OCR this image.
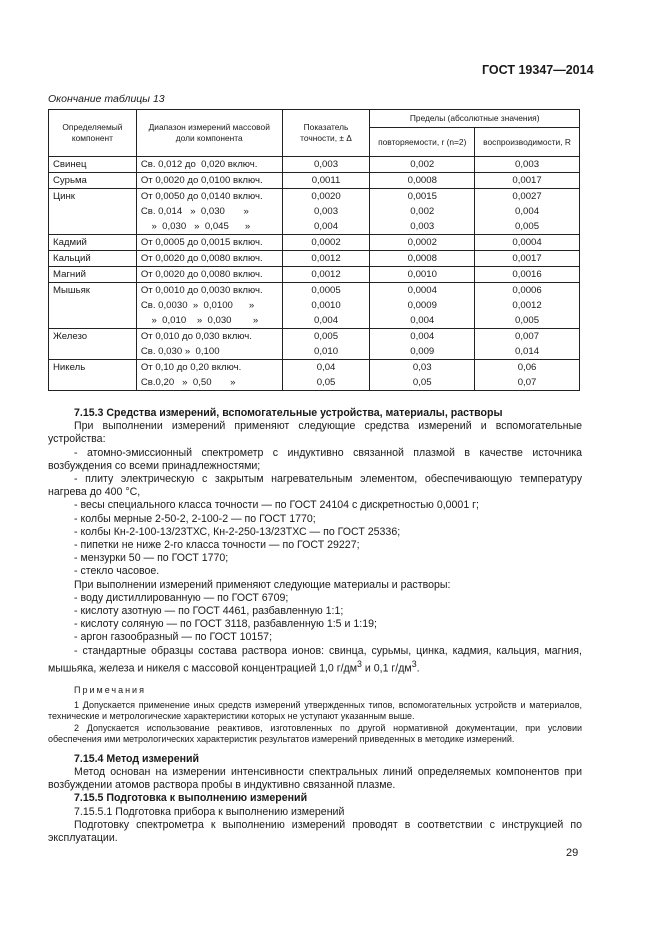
ГОСТ 19347—2014
Окончание таблицы 13
Определяемый компонент	Диапазон измерений массовой доли компонента	Показатель точности, ± Δ	Пределы (абсолютные значения)	
			повторяемости, r (n=2)	воспроизводимости, R
Свинец	Св. 0,012 до  0,020 включ.	0,003	0,002	0,003
Сурьма	От 0,0020 до 0,0100 включ.	0,0011	0,0008	0,0017
Цинк	От 0,0050 до 0,0140 включ.	0,0020	0,0015	0,0027
	Св. 0,014   »  0,030       »	0,003	0,002	0,004
	»  0,030   »  0,045      »	0,004	0,003	0,005
Кадмий	От 0,0005 до 0,0015 включ.	0,0002	0,0002	0,0004
Кальций	От 0,0020 до 0,0080 включ.	0,0012	0,0008	0,0017
Магний	От 0,0020 до 0,0080 включ.	0,0012	0,0010	0,0016
Мышьяк	От 0,0010 до 0,0030 включ.	0,0005	0,0004	0,0006
	Св. 0,0030  »  0,0100      »	0,0010	0,0009	0,0012
	»  0,010    »  0,030        »	0,004	0,004	0,005
Железо	От 0,010 до 0,030 включ.	0,005	0,004	0,007
	Св. 0,030 »  0,100	0,010	0,009	0,014
Никель	От 0,10 до 0,20 включ.	0,04	0,03	0,06
	Св.0,20   »  0,50       »	0,05	0,05	0,07

7.15.3 Средства измерений, вспомогательные устройства, материалы, растворы

При выполнении измерений применяют следующие средства измерений и вспомогательные устройства:

- атомно-эмиссионный спектрометр с индуктивно связанной плазмой в качестве источника возбуждения со всеми принадлежностями;

- плиту электрическую с закрытым нагревательным элементом, обеспечивающую температуру нагрева до 400 °С,

- весы специального класса точности — по ГОСТ 24104 с дискретностью 0,0001 г;

- колбы мерные 2-50-2, 2-100-2 — по ГОСТ 1770;

- колбы Кн-2-100-13/23ТХС, Кн-2-250-13/23ТХС — по ГОСТ 25336;

- пипетки не ниже 2-го класса точности — по ГОСТ 29227;

- мензурки 50 — по ГОСТ 1770;

- стекло часовое.

При выполнении измерений применяют следующие материалы и растворы:

- воду дистиллированную — по ГОСТ 6709;

- кислоту азотную — по ГОСТ 4461, разбавленную 1:1;

- кислоту соляную — по ГОСТ 3118, разбавленную 1:5 и 1:19;

- аргон газообразный — по ГОСТ 10157;

- стандартные образцы состава раствора ионов: свинца, сурьмы, цинка, кадмия, кальция, магния, мышьяка, железа и никеля с массовой концентрацией 1,0 $г/дм^3$ и 0,1 $г/дм^3$.

Примечания

1 Допускается применение иных средств измерений утвержденных типов, вспомогательных устройств и материалов, технические и метрологические характеристики которых не уступают указанным выше.

2 Допускается использование реактивов, изготовленных по другой нормативной документации, при условии обеспечения ими метрологических характеристик результатов измерений приведенных в методике измерений.

7.15.4 Метод измерений

Метод основан на измерении интенсивности спектральных линий определяемых компонентов при возбуждении атомов раствора пробы в индуктивно связанной плазме.

7.15.5 Подготовка к выполнению измерений

7.15.5.1 Подготовка прибора к выполнению измерений

Подготовку спектрометра к выполнению измерений проводят в соответствии с инструкцией по эксплуатации.

29
